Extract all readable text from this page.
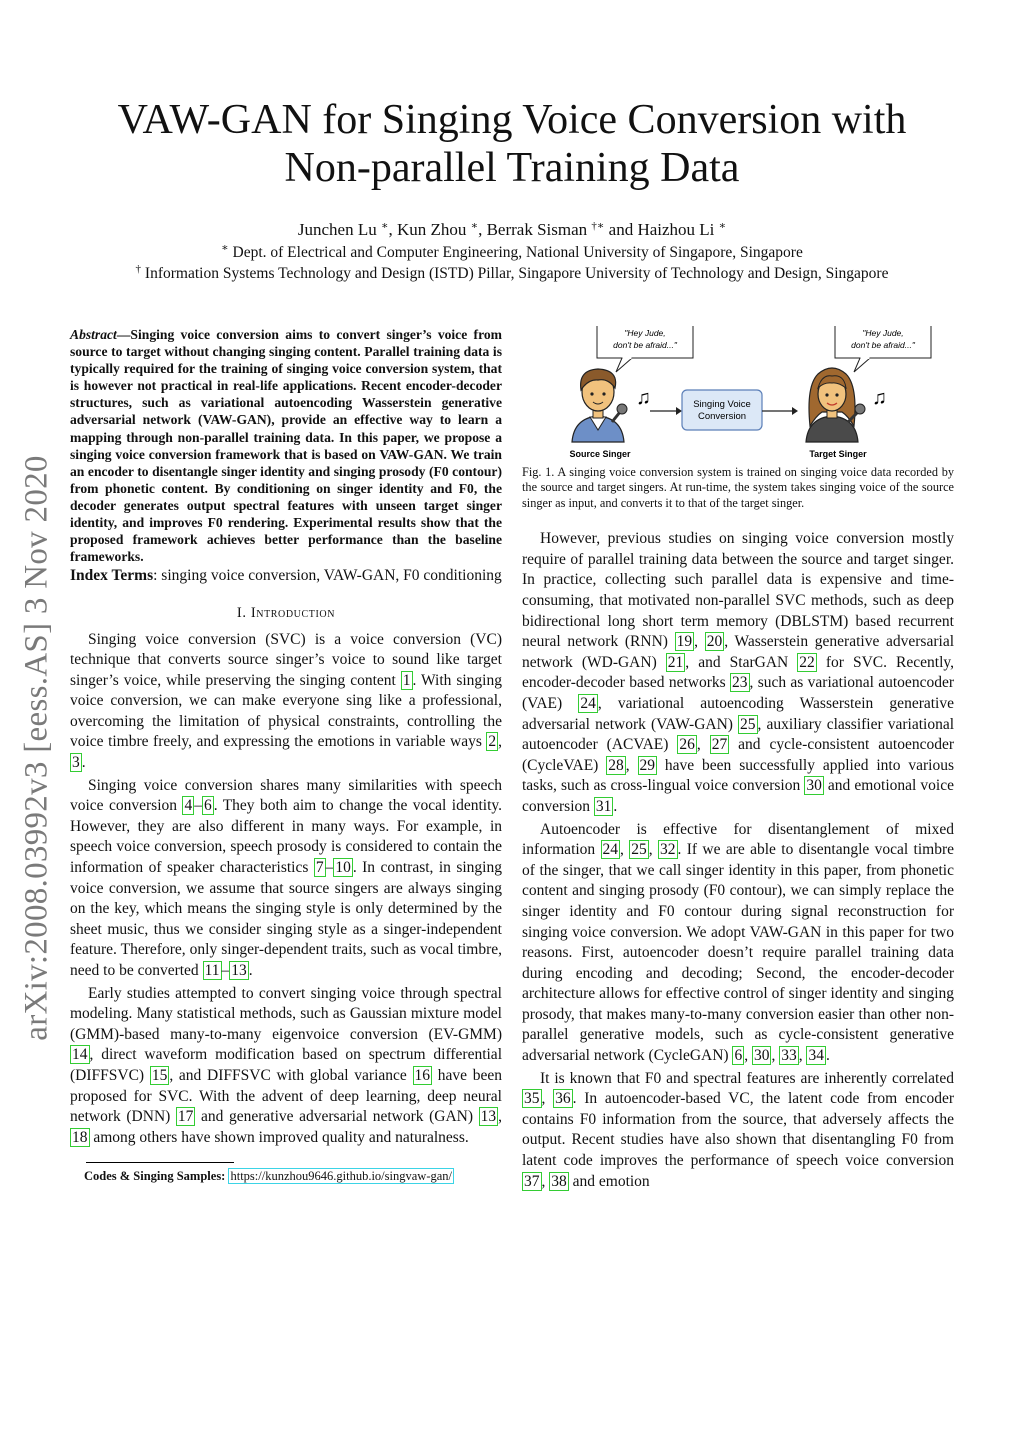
arXiv:2008.03992v3 [eess.AS] 3 Nov 2020
VAW-GAN for Singing Voice Conversion with
Non-parallel Training Data
Junchen Lu ∗, Kun Zhou ∗, Berrak Sisman †∗ and Haizhou Li ∗
∗ Dept. of Electrical and Computer Engineering, National University of Singapore, Singapore
† Information Systems Technology and Design (ISTD) Pillar, Singapore University of Technology and Design, Singapore

Abstract—Singing voice conversion aims to convert singer’s voice from source to target without changing singing content. Parallel training data is typically required for the training of singing voice conversion system, that is however not practical in real-life applications. Recent encoder-decoder structures, such as variational autoencoding Wasserstein generative adversarial network (VAW-GAN), provide an effective way to learn a mapping through non-parallel training data. In this paper, we propose a singing voice conversion framework that is based on VAW-GAN. We train an encoder to disentangle singer identity and singing prosody (F0 contour) from phonetic content. By conditioning on singer identity and F0, the decoder generates output spectral features with unseen target singer identity, and improves F0 rendering. Experimental results show that the proposed framework achieves better performance than the baseline frameworks.

Index Terms: singing voice conversion, VAW-GAN, F0 conditioning

I. Introduction

Singing voice conversion (SVC) is a voice conversion (VC) technique that converts source singer’s voice to sound like target singer’s voice, while preserving the singing content 1 . With singing voice conversion, we can make everyone sing like a professional, overcoming the limitation of physical constraints, controlling the voice timbre freely, and expressing the emotions in variable ways 2 , 3 .

Singing voice conversion shares many similarities with speech voice conversion 4 – 6 . They both aim to change the vocal identity. However, they are also different in many ways. For example, in speech voice conversion, speech prosody is considered to contain the information of speaker characteristics 7 – 10 . In contrast, in singing voice conversion, we assume that source singers are always singing on the key, which means the singing style is only determined by the sheet music, thus we consider singing style as a singer-independent feature. Therefore, only singer-dependent traits, such as vocal timbre, need to be converted 11 – 13 .

Early studies attempted to convert singing voice through spectral modeling. Many statistical methods, such as Gaussian mixture model (GMM)-based many-to-many eigenvoice conversion (EV-GMM) 14 , direct waveform modification based on spectrum differential (DIFFSVC) 15 , and DIFFSVC with global variance 16 have been proposed for SVC. With the advent of deep learning, deep neural network (DNN) 17 and generative adversarial network (GAN) 13 , 18 among others have shown improved quality and naturalness.

Codes & Singing Samples: https://kunzhou9646.github.io/singvaw-gan/

"Hey Jude,
don't be afraid..."
"Hey Jude,
don't be afraid..."
♫	♫
Singing Voice
Conversion
Source Singer	Target Singer

Fig. 1. A singing voice conversion system is trained on singing voice data recorded by the source and target singers. At run-time, the system takes singing voice of the source singer as input, and converts it to that of the target singer.

However, previous studies on singing voice conversion mostly require of parallel training data between the source and target singer. In practice, collecting such parallel data is expensive and time-consuming, that motivated non-parallel SVC methods, such as deep bidirectional long short term memory (DBLSTM) based recurrent neural network (RNN) 19 , 20 , Wasserstein generative adversarial network (WD-GAN) 21 , and StarGAN 22 for SVC. Recently, encoder-decoder based networks 23 , such as variational autoencoder (VAE) 24 , variational autoencoding Wasserstein generative adversarial network (VAW-GAN) 25 , auxiliary classifier variational autoencoder (ACVAE) 26 , 27 and cycle-consistent autoencoder (CycleVAE) 28 , 29 have been successfully applied into various tasks, such as cross-lingual voice conversion 30 and emotional voice conversion 31 .

Autoencoder is effective for disentanglement of mixed information 24 , 25 , 32 . If we are able to disentangle vocal timbre of the singer, that we call singer identity in this paper, from phonetic content and singing prosody (F0 contour), we can simply replace the singer identity and F0 contour during signal reconstruction for singing voice conversion. We adopt VAW-GAN in this paper for two reasons. First, autoencoder doesn’t require parallel training data during encoding and decoding; Second, the encoder-decoder architecture allows for effective control of singer identity and singing prosody, that makes many-to-many conversion easier than other non-parallel generative models, such as cycle-consistent generative adversarial network (CycleGAN) 6 , 30 , 33 , 34 .

It is known that F0 and spectral features are inherently correlated 35 , 36 . In autoencoder-based VC, the latent code from encoder contains F0 information from the source, that adversely affects the output. Recent studies have also shown that disentangling F0 from latent code improves the performance of speech voice conversion 37 , 38 and emotion
